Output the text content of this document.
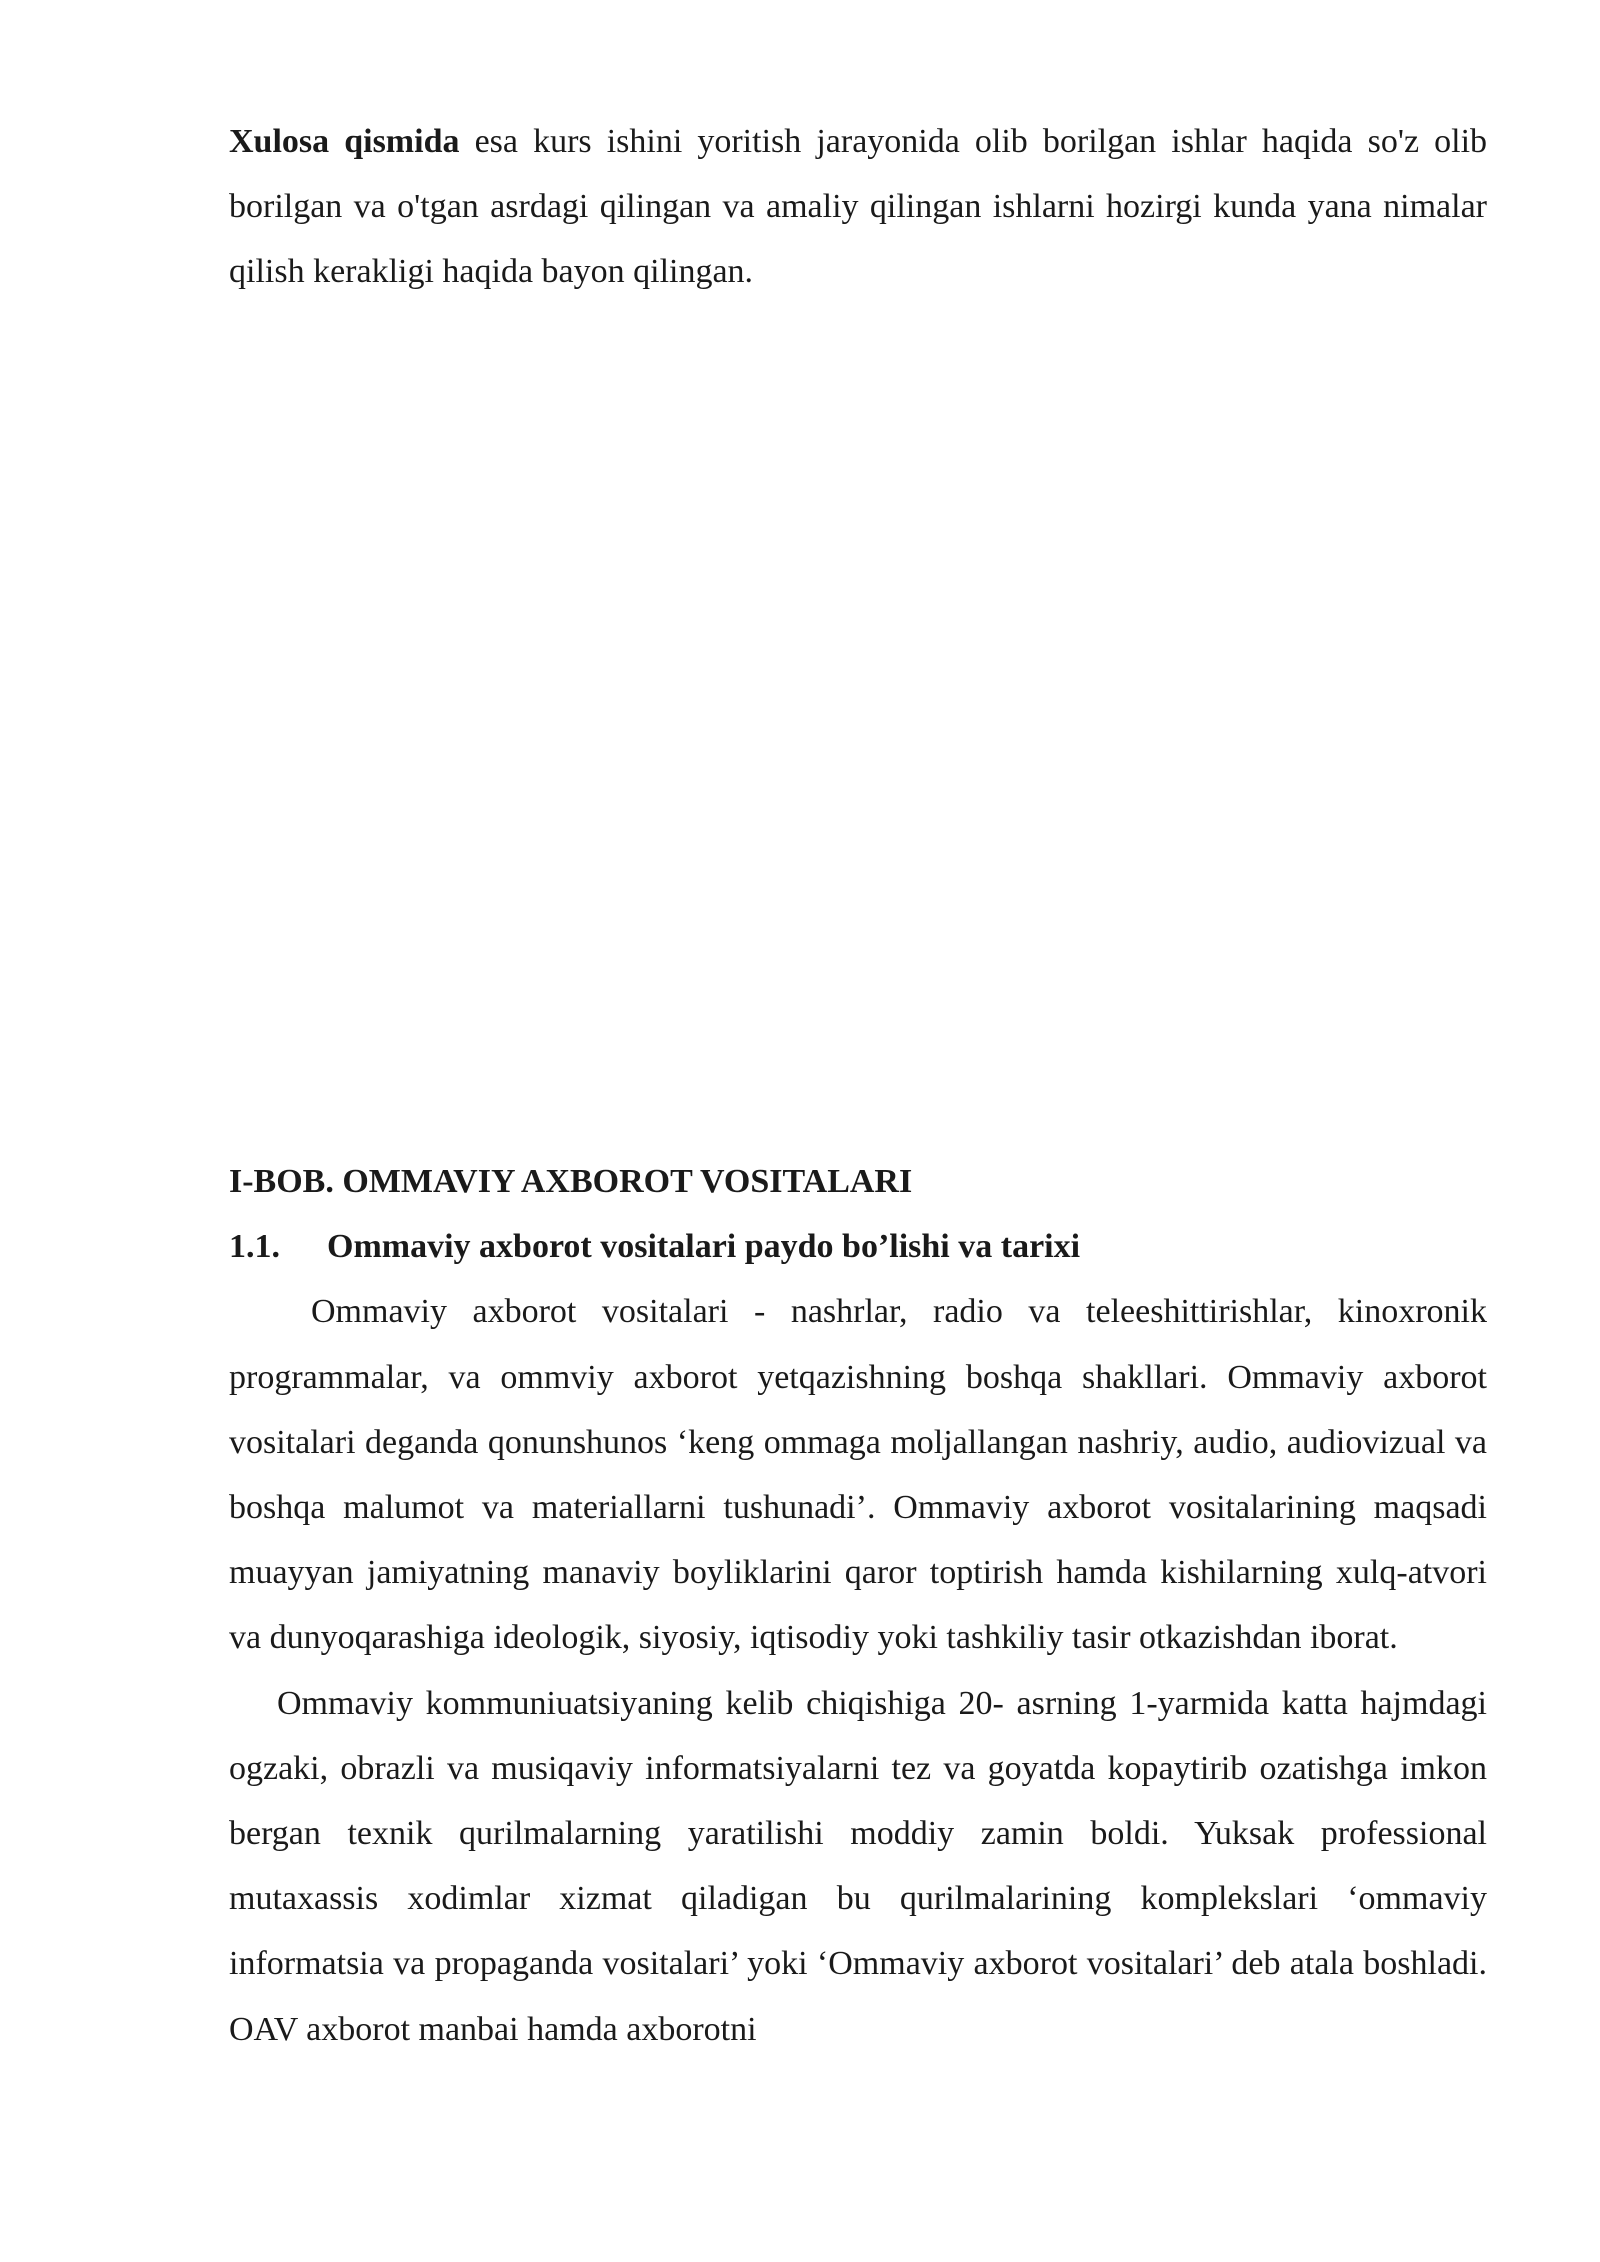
Xulosa qismida esa kurs ishini yoritish jarayonida olib borilgan ishlar haqida so'z olib borilgan va o'tgan asrdagi qilingan va amaliy qilingan ishlarni hozirgi kunda yana nimalar qilish kerakligi haqida bayon qilingan.

I-BOB. OMMAVIY AXBOROT VOSITALARI

1.1.	Ommaviy axborot vositalari paydo bo’lishi va tarixi

Ommaviy axborot vositalari - nashrlar, radio va teleeshittirishlar, kinoxronik programmalar, va ommviy axborot yetqazishning boshqa shakllari. Ommaviy axborot vositalari deganda qonunshunos ‘keng ommaga moljallangan nashriy, audio, audiovizual va boshqa malumot va materiallarni tushunadi’. Ommaviy axborot vositalarining maqsadi muayyan jamiyatning manaviy boyliklarini qaror toptirish hamda kishilarning xulq-atvori va dunyoqarashiga ideologik, siyosiy, iqtisodiy yoki tashkiliy tasir otkazishdan iborat.

Ommaviy kommuniuatsiyaning kelib chiqishiga 20- asrning 1-yarmida katta hajmdagi ogzaki, obrazli va musiqaviy informatsiyalarni tez va goyatda kopaytirib ozatishga imkon bergan texnik qurilmalarning yaratilishi moddiy zamin boldi. Yuksak professional mutaxassis xodimlar xizmat qiladigan bu qurilmalarining komplekslari ‘ommaviy informatsia va propaganda vositalari’ yoki ‘Ommaviy axborot vositalari’ deb atala boshladi. OAV axborot manbai hamda axborotni
